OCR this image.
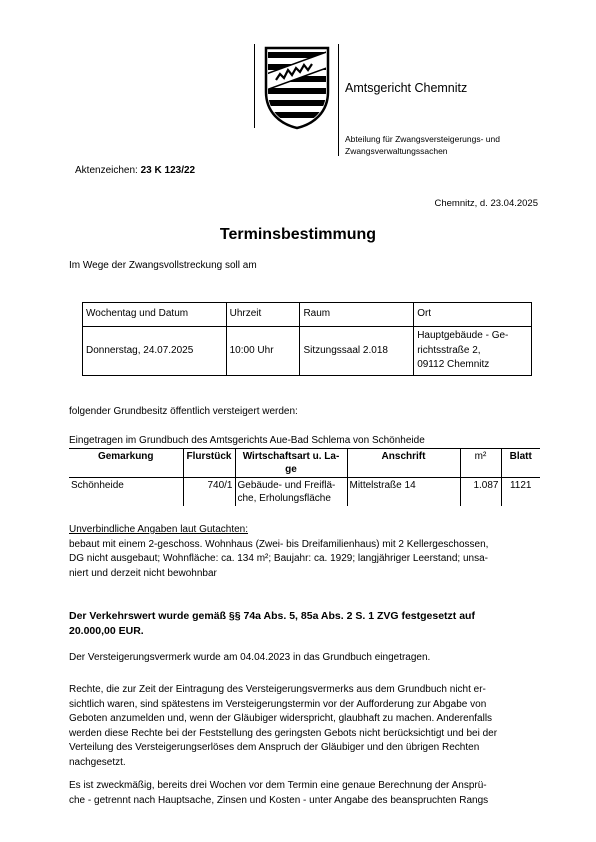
Amtsgericht Chemnitz
Abteilung für Zwangsversteigerungs- und
Zwangsverwaltungssachen
Aktenzeichen: 23 K 123/22
Chemnitz, d. 23.04.2025
Terminsbestimmung
Im Wege der Zwangsvollstreckung soll am
Wochentag und Datum	Uhrzeit	Raum	Ort
Donnerstag, 24.07.2025	10:00 Uhr	Sitzungssaal 2.018	Hauptgebäude - Ge-
richtsstraße 2,
09112 Chemnitz
folgender Grundbesitz öffentlich versteigert werden:
Eingetragen im Grundbuch des Amtsgerichts Aue-Bad Schlema von Schönheide
Gemarkung	Flurstück	Wirtschaftsart u. La-
ge	Anschrift	m²	Blatt
Schönheide	740/1	Gebäude- und Freiflä-
che, Erholungsfläche	Mittelstraße 14	1.087	1121
Unverbindliche Angaben laut Gutachten:
bebaut mit einem 2-geschoss. Wohnhaus (Zwei- bis Dreifamilienhaus) mit 2 Kellergeschossen,
DG nicht ausgebaut; Wohnfläche: ca. 134 m²; Baujahr: ca. 1929; langjähriger Leerstand; unsa-
niert und derzeit nicht bewohnbar
Der Verkehrswert wurde gemäß §§ 74a Abs. 5, 85a Abs. 2 S. 1 ZVG festgesetzt auf
20.000,00 EUR.
Der Versteigerungsvermerk wurde am 04.04.2023 in das Grundbuch eingetragen.
Rechte, die zur Zeit der Eintragung des Versteigerungsvermerks aus dem Grundbuch nicht er-
sichtlich waren, sind spätestens im Versteigerungstermin vor der Aufforderung zur Abgabe von
Geboten anzumelden und, wenn der Gläubiger widerspricht, glaubhaft zu machen. Anderenfalls
werden diese Rechte bei der Feststellung des geringsten Gebots nicht berücksichtigt und bei der
Verteilung des Versteigerungserlöses dem Anspruch der Gläubiger und den übrigen Rechten
nachgesetzt.
Es ist zweckmäßig, bereits drei Wochen vor dem Termin eine genaue Berechnung der Ansprü-
che - getrennt nach Hauptsache, Zinsen und Kosten - unter Angabe des beanspruchten Rangs
